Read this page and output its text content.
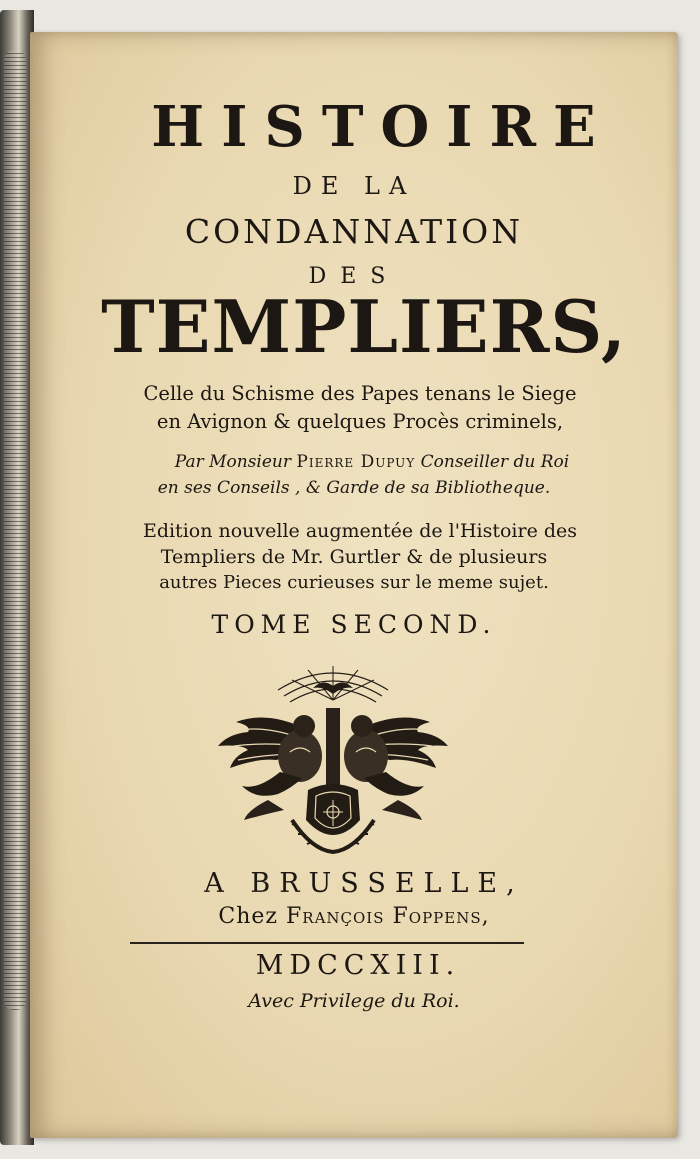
HISTOIRE
DE LA
CONDANNATION
DES
TEMPLIERS,
Celle du Schisme des Papes tenans le Siege
en Avignon & quelques Procès criminels,
Par Monsieur Pierre Dupuy Conseiller du Roi
en ses Conseils , & Garde de sa Bibliotheque.
Edition nouvelle augmentée de l'Histoire des
Templiers de Mr. Gurtler & de plusieurs
autres Pieces curieuses sur le meme sujet.
TOME SECOND.
A BRUSSELLE,
Chez François Foppens,
MDCCXIII.
Avec Privilege du Roi.
